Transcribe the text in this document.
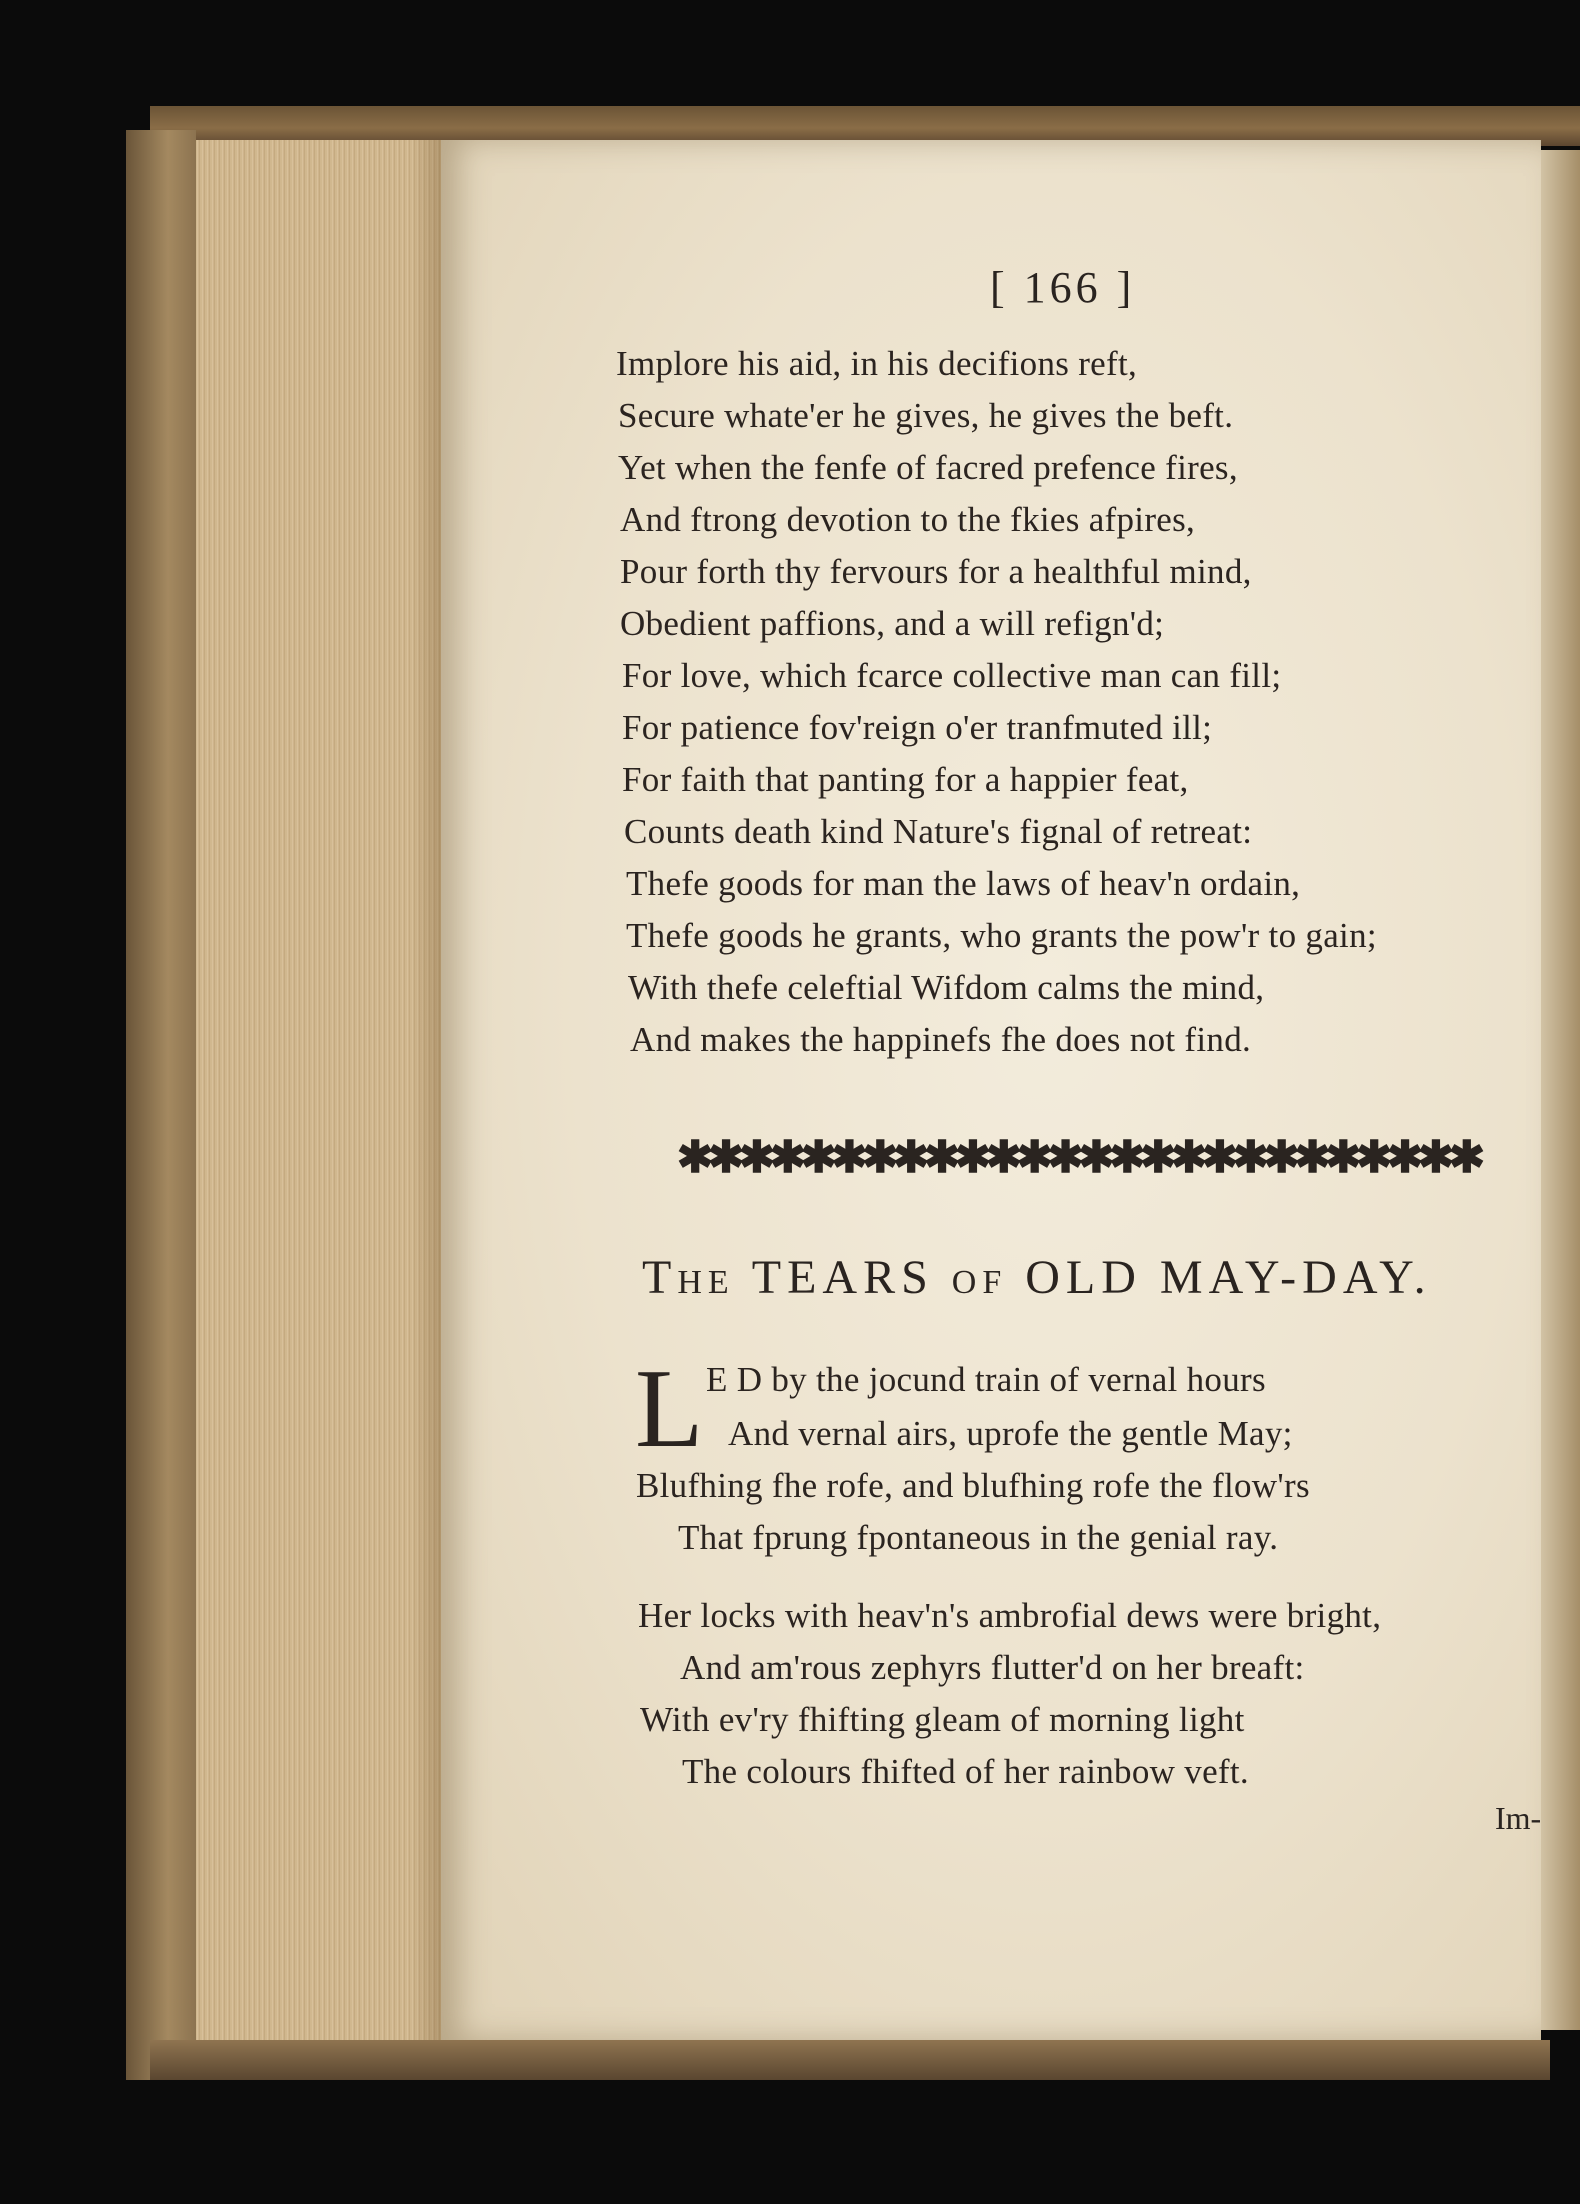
[ 166 ]
Implore his aid, in his decifions reft,
Secure whate'er he gives, he gives the beft.
Yet when the fenfe of facred prefence fires,
And ftrong devotion to the fkies afpires,
Pour forth thy fervours for a healthful mind,
Obedient paffions, and a will refign'd;
For love, which fcarce collective man can fill;
For patience fov'reign o'er tranfmuted ill;
For faith that panting for a happier feat,
Counts death kind Nature's fignal of retreat:
Thefe goods for man the laws of heav'n ordain,
Thefe goods he grants, who grants the pow'r to gain;
With thefe celeftial Wifdom calms the mind,
And makes the happinefs fhe does not find.
✱✱✱✱✱✱✱✱✱✱✱✱✱✱✱✱✱✱✱✱✱✱✱✱✱✱
The TEARS of OLD MAY-DAY.
L E D by the jocund train of vernal hours
And vernal airs, uprofe the gentle May;
Blufhing fhe rofe, and blufhing rofe the flow'rs
That fprung fpontaneous in the genial ray.
Her locks with heav'n's ambrofial dews were bright,
And am'rous zephyrs flutter'd on her breaft:
With ev'ry fhifting gleam of morning light
The colours fhifted of her rainbow veft.
Im-
